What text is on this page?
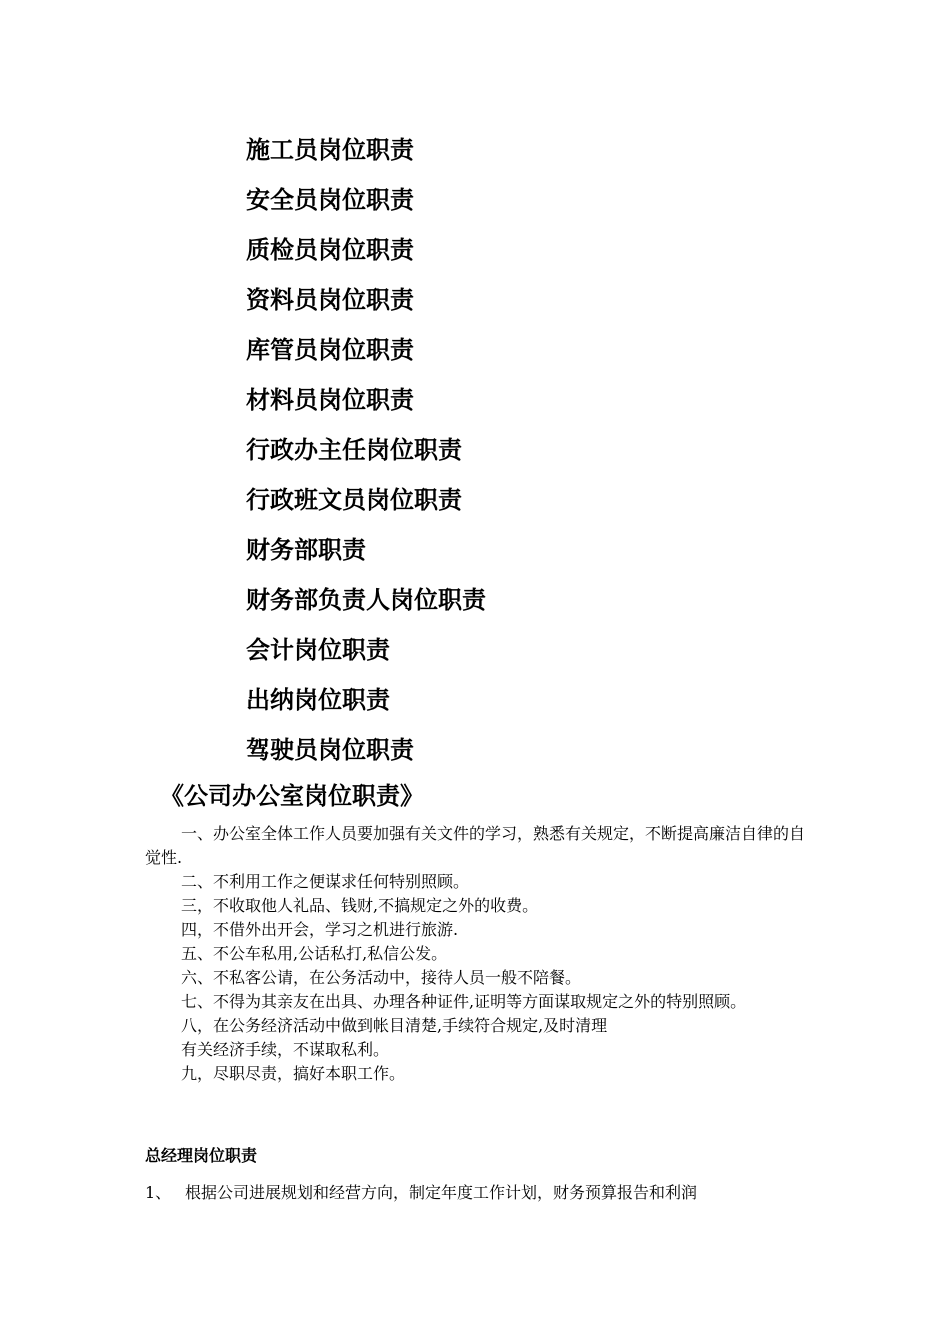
施工员岗位职责
安全员岗位职责
质检员岗位职责
资料员岗位职责
库管员岗位职责
材料员岗位职责
行政办主任岗位职责
行政班文员岗位职责
财务部职责
财务部负责人岗位职责
会计岗位职责
出纳岗位职责
驾驶员岗位职责
《公司办公室岗位职责》

一、办公室全体工作人员要加强有关文件的学习，熟悉有关规定，不断提高廉洁自律的自觉性.

二、不利用工作之便谋求任何特别照顾。

三，不收取他人礼品、钱财,不搞规定之外的收费。

四，不借外出开会，学习之机进行旅游.

五、不公车私用,公话私打,私信公发。

六、不私客公请，在公务活动中，接待人员一般不陪餐。

七、不得为其亲友在出具、办理各种证件,证明等方面谋取规定之外的特别照顾。

八，在公务经济活动中做到帐目清楚,手续符合规定,及时清理

有关经济手续，不谋取私利。

九，尽职尽责，搞好本职工作。

总经理岗位职责
1、 根据公司进展规划和经营方向，制定年度工作计划，财务预算报告和利润
